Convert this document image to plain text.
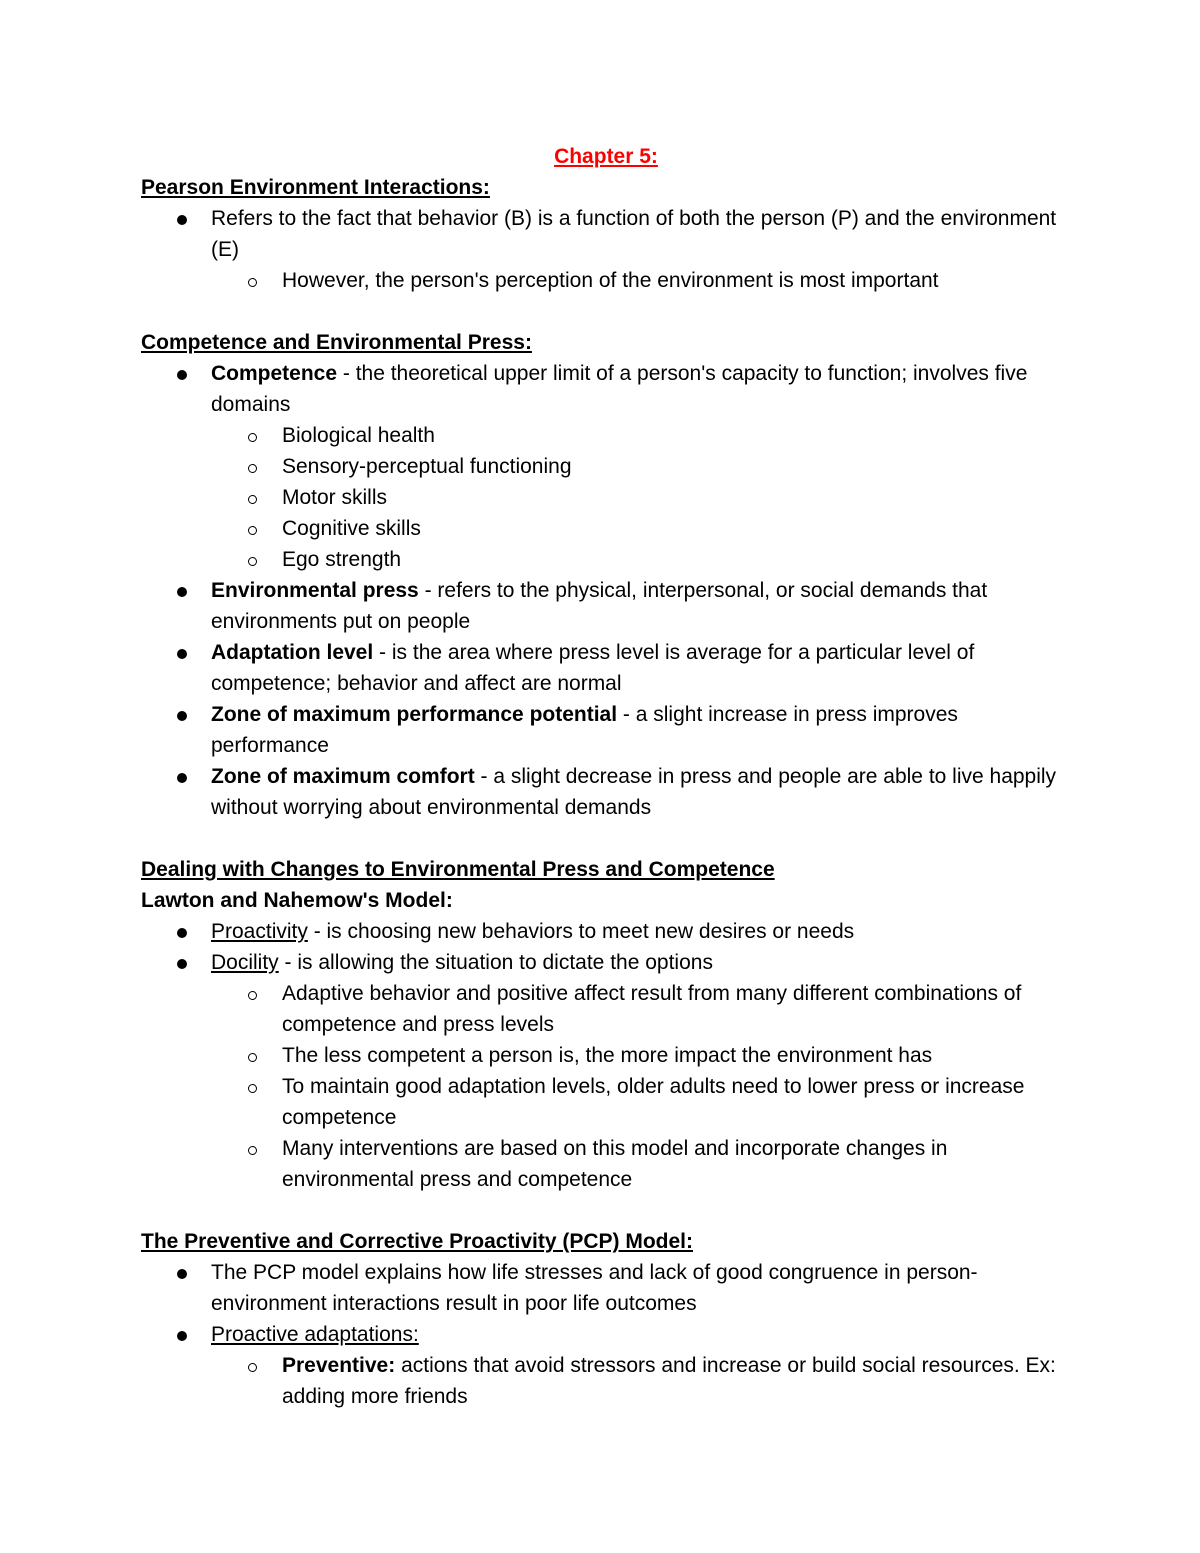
Chapter 5:
Pearson Environment Interactions:
Refers to the fact that behavior (B) is a function of both the person (P) and the environment (E)
However, the person's perception of the environment is most important
Competence and Environmental Press:
Competence - the theoretical upper limit of a person's capacity to function; involves five domains
Biological health
Sensory-perceptual functioning
Motor skills
Cognitive skills
Ego strength
Environmental press - refers to the physical, interpersonal, or social demands that environments put on people
Adaptation level - is the area where press level is average for a particular level of competence; behavior and affect are normal
Zone of maximum performance potential - a slight increase in press improves performance
Zone of maximum comfort - a slight decrease in press and people are able to live happily without worrying about environmental demands
Dealing with Changes to Environmental Press and Competence
Lawton and Nahemow's Model:
Proactivity - is choosing new behaviors to meet new desires or needs
Docility - is allowing the situation to dictate the options
Adaptive behavior and positive affect result from many different combinations of competence and press levels
The less competent a person is, the more impact the environment has
To maintain good adaptation levels, older adults need to lower press or increase competence
Many interventions are based on this model and incorporate changes in environmental press and competence
The Preventive and Corrective Proactivity (PCP) Model:
The PCP model explains how life stresses and lack of good congruence in person-environment interactions result in poor life outcomes
Proactive adaptations:
Preventive: actions that avoid stressors and increase or build social resources. Ex: adding more friends
